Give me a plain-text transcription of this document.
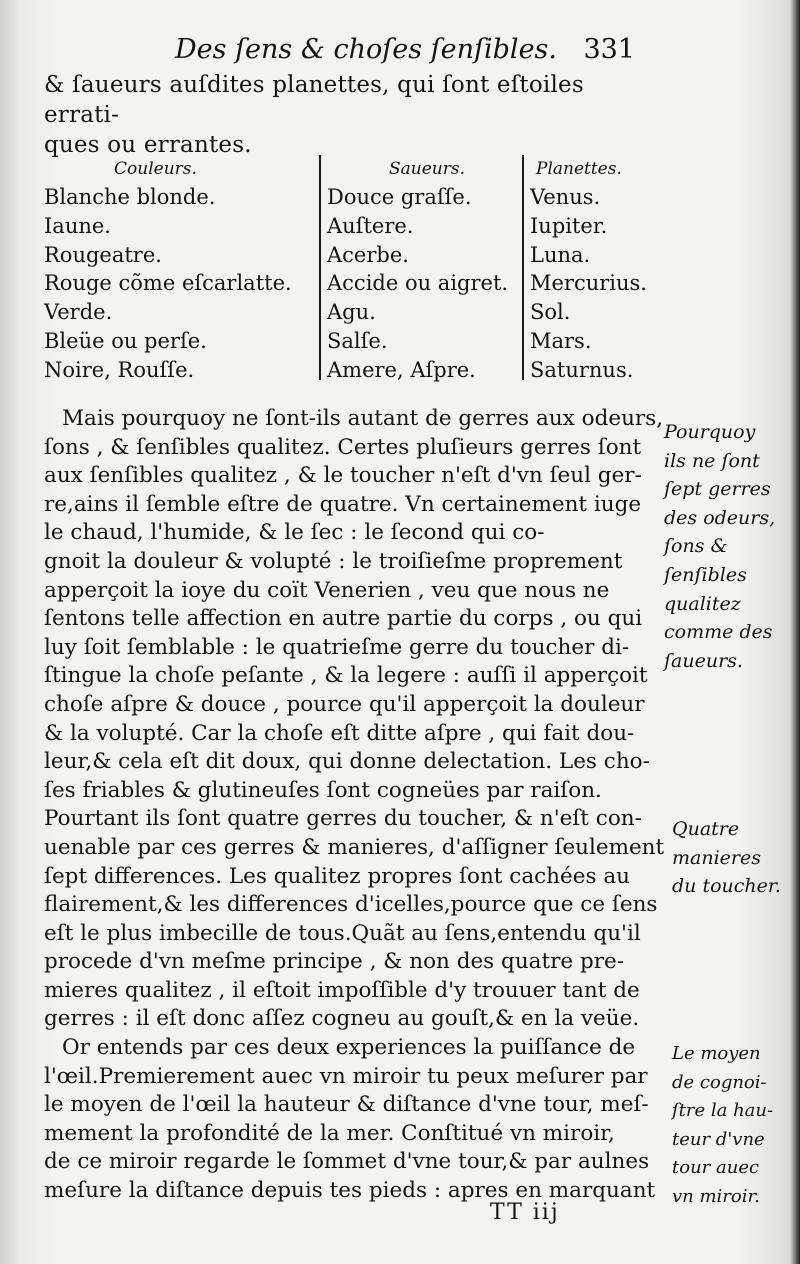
Des ſens & choſes ſenſibles. 331

& ſaueurs auſdites planettes, qui ſont eſtoiles errati-

ques ou errantes.

Couleurs.
Blanche blonde.
Iaune.
Rougeatre.
Rouge cõme eſcarlatte.
Verde.
Bleüe ou perſe.
Noire, Rouſſe.
Saueurs.
Douce graſſe.
Auſtere.
Acerbe.
Accide ou aigret.
Agu.
Salſe.
Amere, Aſpre.
Planettes.
Venus.
Iupiter.
Luna.
Mercurius.
Sol.
Mars.
Saturnus.

Mais pourquoy ne ſont-ils autant de gerres aux odeurs,

ſons , & ſenſibles qualitez. Certes pluſieurs gerres ſont

aux ſenſibles qualitez , & le toucher n'eſt d'vn ſeul ger-

re,ains il ſemble eſtre de quatre. Vn certainement iuge

le chaud, l'humide, & le ſec : le ſecond qui co-

gnoit la douleur & volupté : le troiſieſme proprement

apperçoit la ioye du coït Venerien , veu que nous ne

ſentons telle affection en autre partie du corps , ou qui

luy ſoit ſemblable : le quatrieſme gerre du toucher di-

ſtingue la choſe peſante , & la legere : auſſi il apperçoit

choſe aſpre & douce , pource qu'il apperçoit la douleur

& la volupté. Car la choſe eſt ditte aſpre , qui fait dou-

leur,& cela eſt dit doux, qui donne delectation. Les cho-

ſes friables & glutineuſes ſont cogneües par raiſon.

Pourtant ils ſont quatre gerres du toucher, & n'eſt con-

uenable par ces gerres & manieres, d'aſſigner ſeulement

ſept differences. Les qualitez propres ſont cachées au

flairement,& les differences d'icelles,pource que ce ſens

eſt le plus imbecille de tous.Quãt au ſens,entendu qu'il

procede d'vn meſme principe , & non des quatre pre-

mieres qualitez , il eſtoit impoſſible d'y trouuer tant de

gerres : il eſt donc aſſez cogneu au gouſt,& en la veüe.

Or entends par ces deux experiences la puiſſance de

l'œil.Premierement auec vn miroir tu peux meſurer par

le moyen de l'œil la hauteur & diſtance d'vne tour, meſ-

mement la profondité de la mer. Conſtitué vn miroir,

de ce miroir regarde le ſommet d'vne tour,& par aulnes

meſure la diſtance depuis tes pieds : apres en marquant

Pourquoy
ils ne ſont
ſept gerres
des odeurs,
ſons &
ſenſibles
qualitez
comme des
ſaueurs.
Quatre
manieres
du toucher.
Le moyen
de cognoi-
ſtre la hau-
teur d'vne
tour auec
vn miroir.
TT iij
